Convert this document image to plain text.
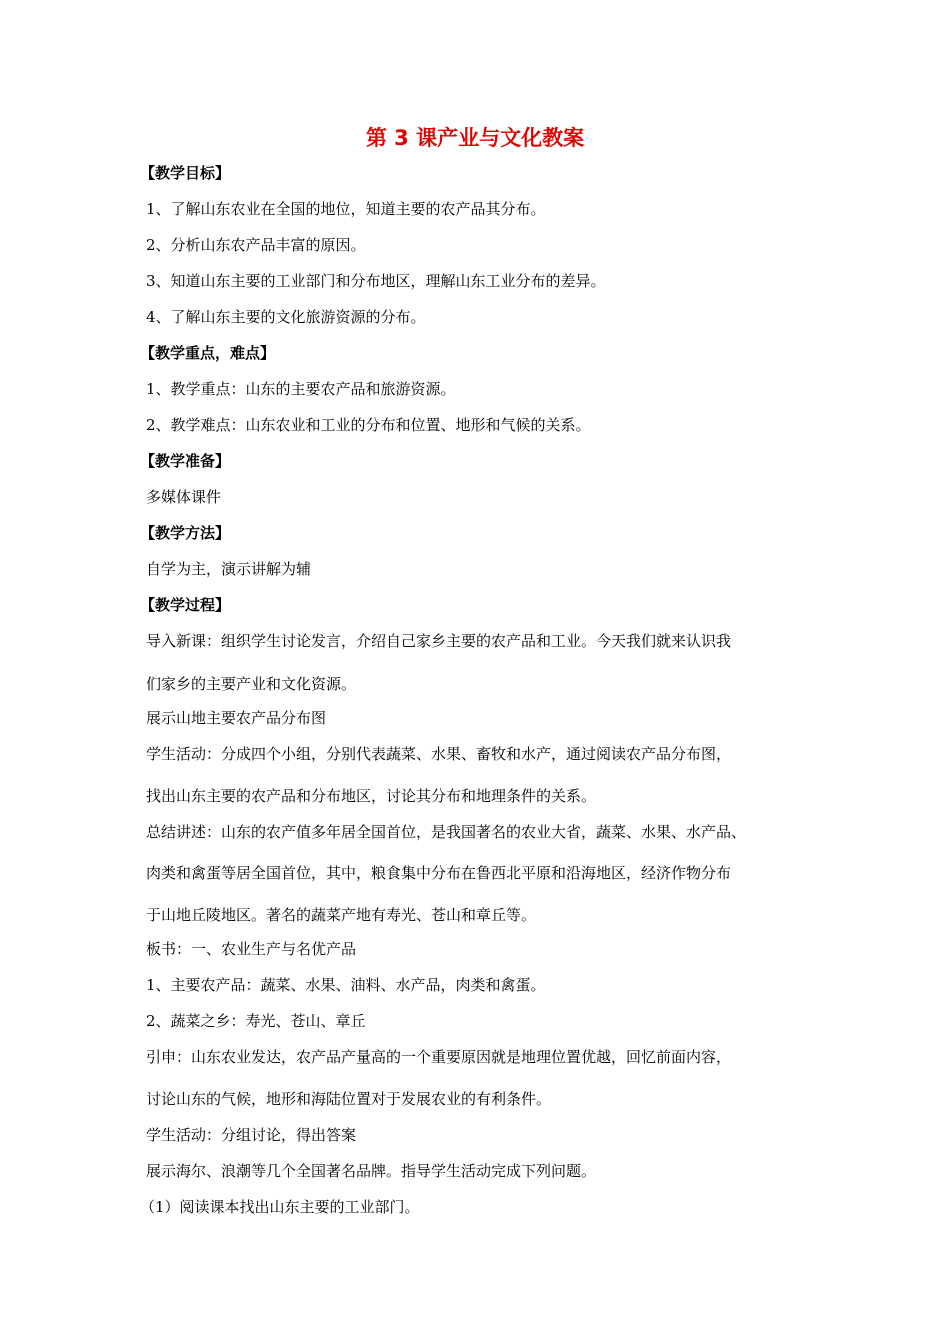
第 3 课产业与文化教案
【教学目标】
1、了解山东农业在全国的地位，知道主要的农产品其分布。
2、分析山东农产品丰富的原因。
3、知道山东主要的工业部门和分布地区，理解山东工业分布的差异。
4、了解山东主要的文化旅游资源的分布。
【教学重点，难点】
1、教学重点：山东的主要农产品和旅游资源。
2、教学难点：山东农业和工业的分布和位置、地形和气候的关系。
【教学准备】
多媒体课件
【教学方法】
自学为主，演示讲解为辅
【教学过程】
导入新课：组织学生讨论发言，介绍自己家乡主要的农产品和工业。今天我们就来认识我
们家乡的主要产业和文化资源。
展示山地主要农产品分布图
学生活动：分成四个小组，分别代表蔬菜、水果、畜牧和水产，通过阅读农产品分布图，
找出山东主要的农产品和分布地区，讨论其分布和地理条件的关系。
总结讲述：山东的农产值多年居全国首位，是我国著名的农业大省，蔬菜、水果、水产品、
肉类和禽蛋等居全国首位，其中，粮食集中分布在鲁西北平原和沿海地区，经济作物分布
于山地丘陵地区。著名的蔬菜产地有寿光、苍山和章丘等。
板书：一、农业生产与名优产品
1、主要农产品：蔬菜、水果、油料、水产品，肉类和禽蛋。
2、蔬菜之乡：寿光、苍山、章丘
引申：山东农业发达，农产品产量高的一个重要原因就是地理位置优越，回忆前面内容，
讨论山东的气候，地形和海陆位置对于发展农业的有利条件。
学生活动：分组讨论，得出答案
展示海尔、浪潮等几个全国著名品牌。指导学生活动完成下列问题。
（1）阅读课本找出山东主要的工业部门。
